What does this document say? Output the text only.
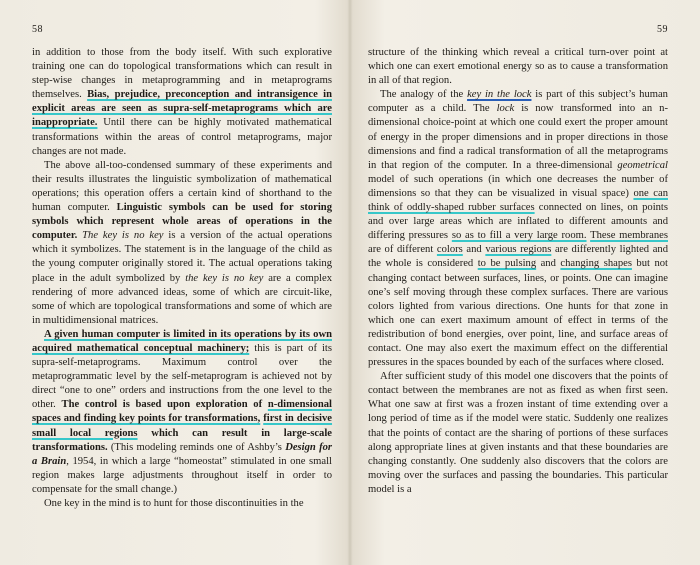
58

in addition to those from the body itself. With such explorative training one can do topological transformations which can result in step-wise changes in metaprogramming and in metaprograms themselves. Bias, prejudice, preconception and intransigence in explicit areas are seen as supra-self-metaprograms which are inappropriate. Until there can be highly motivated mathematical transformations within the areas of control metaprograms, major changes are not made.

The above all-too-condensed summary of these experiments and their results illustrates the linguistic symbolization of mathematical operations; this operation offers a certain kind of shorthand to the human computer. Linguistic symbols can be used for storing symbols which represent whole areas of operations in the computer. The key is no key is a version of the actual operations which it symbolizes. The statement is in the language of the child as the young computer originally stored it. The actual operations taking place in the adult symbolized by the key is no key are a complex rendering of more advanced ideas, some of which are circuit-like, some of which are topological transformations and some of which are in multidimensional matrices.

A given human computer is limited in its operations by its own acquired mathematical conceptual machinery; this is part of its supra-self-metaprograms. Maximum control over the metaprogrammatic level by the self-metaprogram is achieved not by direct “one to one” orders and instructions from the one level to the other. The control is based upon exploration of n-dimensional spaces and finding key points for transformations, first in decisive small local regions which can result in large-scale transformations. (This modeling reminds one of Ashby’s Design for a Brain, 1954, in which a large “homeostat” stimulated in one small region makes large adjustments throughout itself in order to compensate for the small change.)

One key in the mind is to hunt for those discontinuities in the

59

structure of the thinking which reveal a critical turn-over point at which one can exert emotional energy so as to cause a transformation in all of that region.

The analogy of the key in the lock is part of this subject’s human computer as a child. The lock is now transformed into an n-dimensional choice-point at which one could exert the proper amount of energy in the proper dimensions and in proper directions in those dimensions and find a radical transformation of all the metaprograms in that region of the computer. In a three-dimensional geometrical model of such operations (in which one decreases the number of dimensions so that they can be visualized in visual space) one can think of oddly-shaped rubber surfaces connected on lines, on points and over large areas which are inflated to different amounts and differing pressures so as to fill a very large room. These membranes are of different colors and various regions are differently lighted and the whole is considered to be pulsing and changing shapes but not changing contact between surfaces, lines, or points. One can imagine one’s self moving through these complex surfaces. There are various colors lighted from various directions. One hunts for that zone in which one can exert maximum amount of effect in terms of the redistribution of bond energies, over point, line, and surface areas of contact. One may also exert the maximum effect on the differential pressures in the spaces bounded by each of the surfaces where closed.

After sufficient study of this model one discovers that the points of contact between the membranes are not as fixed as when first seen. What one saw at first was a frozen instant of time extending over a long period of time as if the model were static. Suddenly one realizes that the points of contact are the sharing of portions of these surfaces along appropriate lines at given instants and that these boundaries are changing constantly. One suddenly also discovers that the colors are moving over the surfaces and passing the boundaries. This particular model is a
